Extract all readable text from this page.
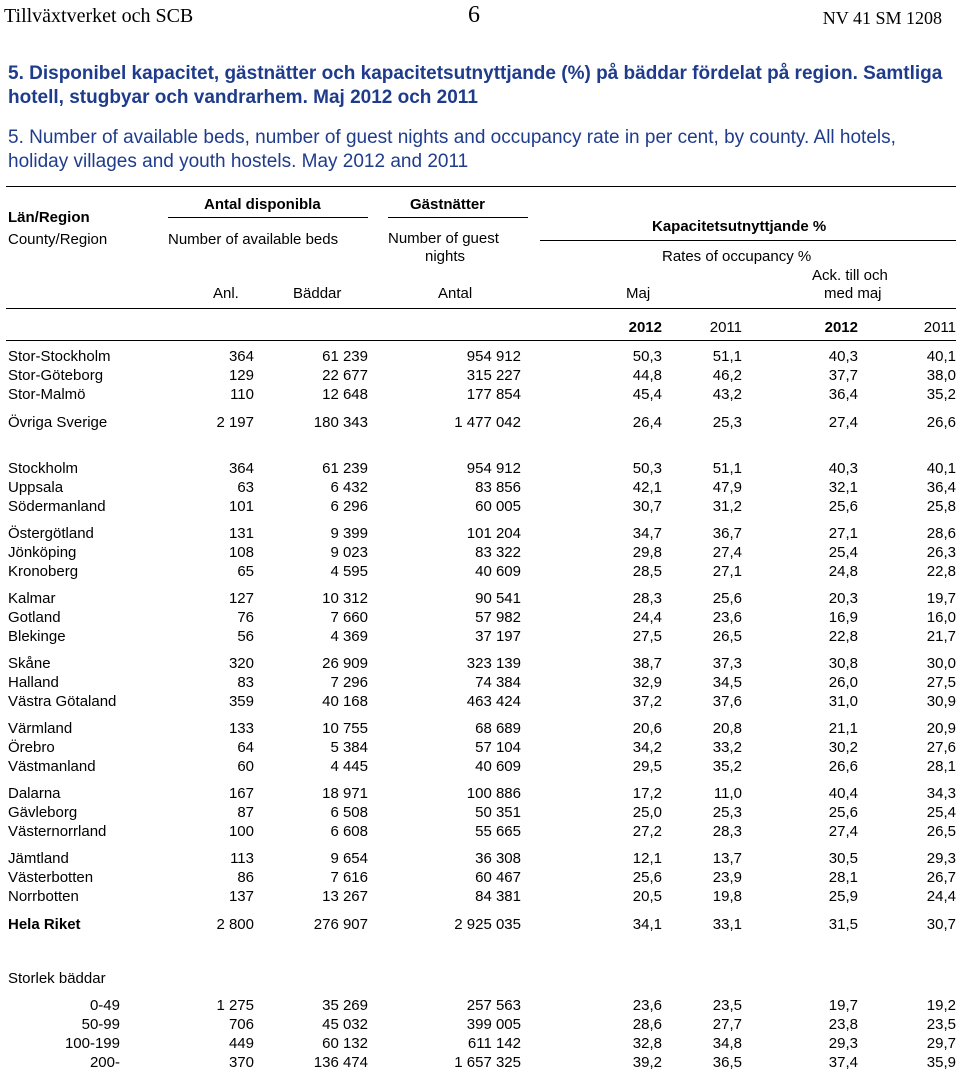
Tillväxtverket och SCB	6	NV 41 SM 1208
5. Disponibel kapacitet, gästnätter och kapacitetsutnyttjande (%) på bäddar fördelat på region. Samtliga hotell, stugbyar och vandrarhem. Maj 2012 och 2011
5. Number of available beds, number of guest nights and occupancy rate in per cent, by county. All hotels, holiday villages and youth hostels. May 2012 and 2011
Län/Region
County/Region
Antal disponibla
Number of available beds
Gästnätter
Number of guest
nights
Kapacitetsutnyttjande %
Rates of occupancy %
Ack. till och
med maj
Anl.	Bäddar	Antal	Maj
2012	2011	2012	2011
Stor-Stockholm	364	61 239	954 912	50,3	51,1	40,3	40,1
Stor-Göteborg	129	22 677	315 227	44,8	46,2	37,7	38,0
Stor-Malmö	110	12 648	177 854	45,4	43,2	36,4	35,2
Övriga Sverige	2 197	180 343	1 477 042	26,4	25,3	27,4	26,6
Stockholm	364	61 239	954 912	50,3	51,1	40,3	40,1
Uppsala	63	6 432	83 856	42,1	47,9	32,1	36,4
Södermanland	101	6 296	60 005	30,7	31,2	25,6	25,8
Östergötland	131	9 399	101 204	34,7	36,7	27,1	28,6
Jönköping	108	9 023	83 322	29,8	27,4	25,4	26,3
Kronoberg	65	4 595	40 609	28,5	27,1	24,8	22,8
Kalmar	127	10 312	90 541	28,3	25,6	20,3	19,7
Gotland	76	7 660	57 982	24,4	23,6	16,9	16,0
Blekinge	56	4 369	37 197	27,5	26,5	22,8	21,7
Skåne	320	26 909	323 139	38,7	37,3	30,8	30,0
Halland	83	7 296	74 384	32,9	34,5	26,0	27,5
Västra Götaland	359	40 168	463 424	37,2	37,6	31,0	30,9
Värmland	133	10 755	68 689	20,6	20,8	21,1	20,9
Örebro	64	5 384	57 104	34,2	33,2	30,2	27,6
Västmanland	60	4 445	40 609	29,5	35,2	26,6	28,1
Dalarna	167	18 971	100 886	17,2	11,0	40,4	34,3
Gävleborg	87	6 508	50 351	25,0	25,3	25,6	25,4
Västernorrland	100	6 608	55 665	27,2	28,3	27,4	26,5
Jämtland	113	9 654	36 308	12,1	13,7	30,5	29,3
Västerbotten	86	7 616	60 467	25,6	23,9	28,1	26,7
Norrbotten	137	13 267	84 381	20,5	19,8	25,9	24,4
Hela Riket	2 800	276 907	2 925 035	34,1	33,1	31,5	30,7
Storlek bäddar
0-49	1 275	35 269	257 563	23,6	23,5	19,7	19,2
50-99	706	45 032	399 005	28,6	27,7	23,8	23,5
100-199	449	60 132	611 142	32,8	34,8	29,3	29,7
200-	370	136 474	1 657 325	39,2	36,5	37,4	35,9
